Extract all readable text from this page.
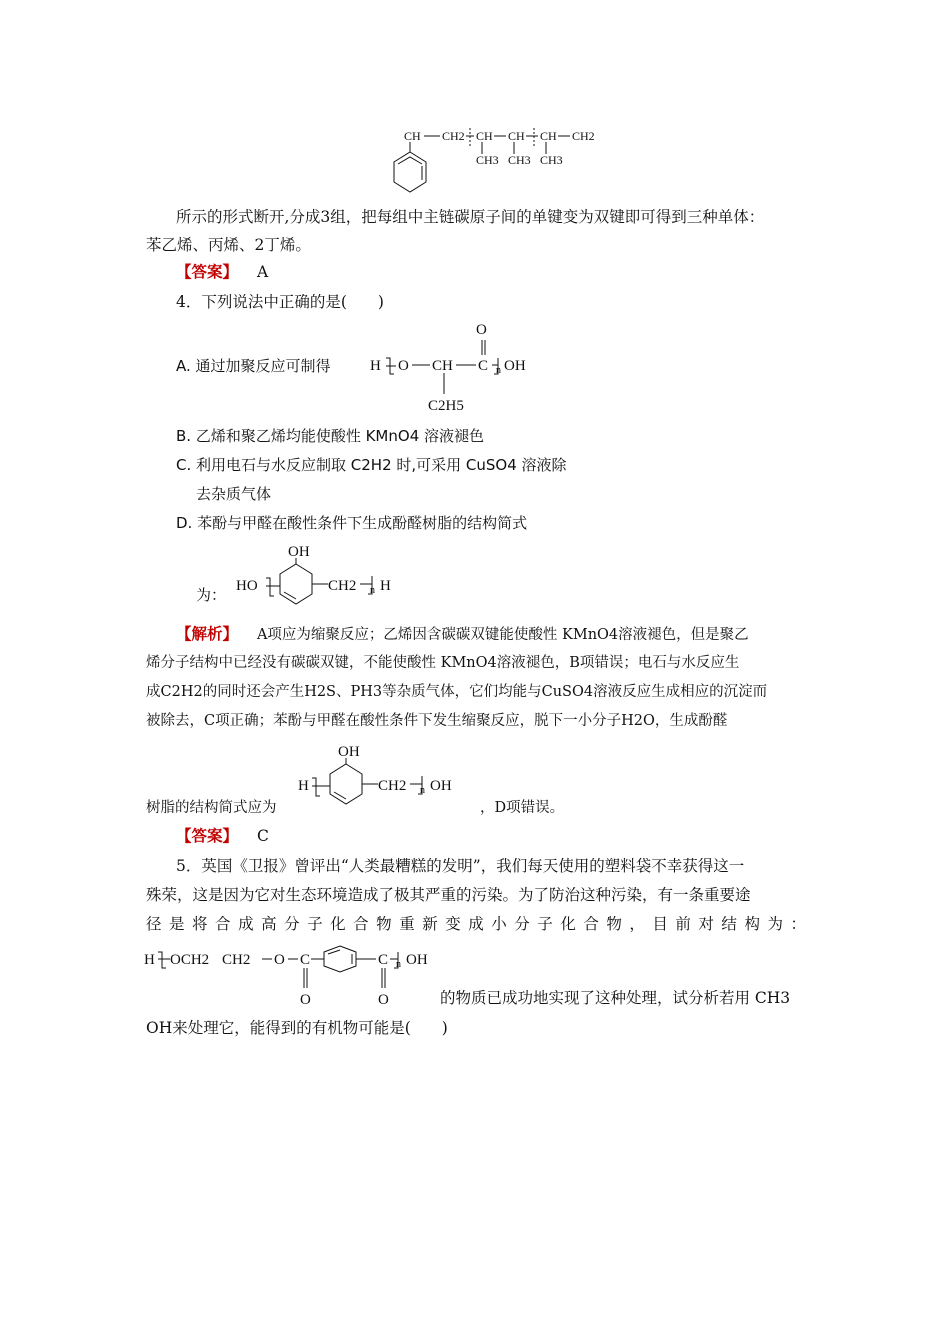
CH CH2 CH CH CH CH2
CH3 CH3 CH3
所示的形式断开,分成3组，把每组中主链碳原子间的单键变为双键即可得到三种单体：
苯乙烯、丙烯、2丁烯。
【答案】 A
4．下列说法中正确的是(　　)
A. 通过加聚反应可制得	H O CH C n OH
O
C2H5
B. 乙烯和聚乙烯均能使酸性 KMnO4 溶液褪色
C. 利用电石与水反应制取 C2H2 时,可采用 CuSO4 溶液除
去杂质气体
D. 苯酚与甲醛在酸性条件下生成酚醛树脂的结构简式
为： HO
OH
CH2 n H
【解析】 A项应为缩聚反应；乙烯因含碳碳双键能使酸性 KMnO4溶液褪色，但是聚乙
烯分子结构中已经没有碳碳双键，不能使酸性 KMnO4溶液褪色，B项错误；电石与水反应生
成C2H2的同时还会产生H2S、PH3等杂质气体，它们均能与CuSO4溶液反应生成相应的沉淀而
被除去，C项正确；苯酚与甲醛在酸性条件下发生缩聚反应，脱下一小分子H2O，生成酚醛
树脂的结构简式应为
H
OH
CH2 n OH
，D项错误。
【答案】 C
5．英国《卫报》曾评出“人类最糟糕的发明”，我们每天使用的塑料袋不幸获得这一
殊荣，这是因为它对生态环境造成了极其严重的污染。为了防治这种污染，有一条重要途
径是将合成高分子化合物重新变成小分子化合物，目前对结构为：
H OCH2 CH2 O C	C n OH
O	O	的物质已成功地实现了这种处理，试分析若用 CH3
OH来处理它，能得到的有机物可能是(　　)
